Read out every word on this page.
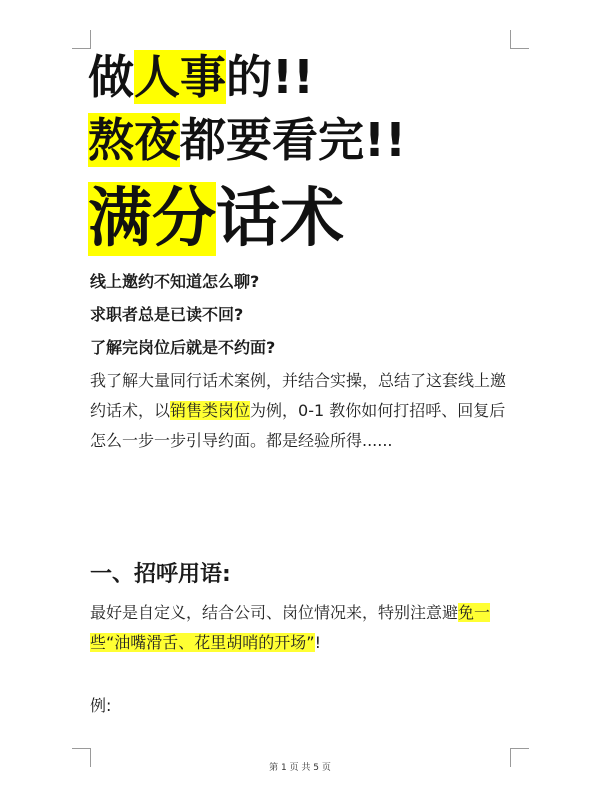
做人事的!!
熬夜都要看完!!
满分话术
线上邀约不知道怎么聊?
求职者总是已读不回?
了解完岗位后就是不约面?
我了解大量同行话术案例，并结合实操，总结了这套线上邀约话术，以销售类岗位为例，0-1 教你如何打招呼、回复后怎么一步一步引导约面。都是经验所得......
一、招呼用语:
最好是自定义，结合公司、岗位情况来，特别注意避免一些“油嘴滑舌、花里胡哨的开场”!
例:
第 1 页 共 5 页
